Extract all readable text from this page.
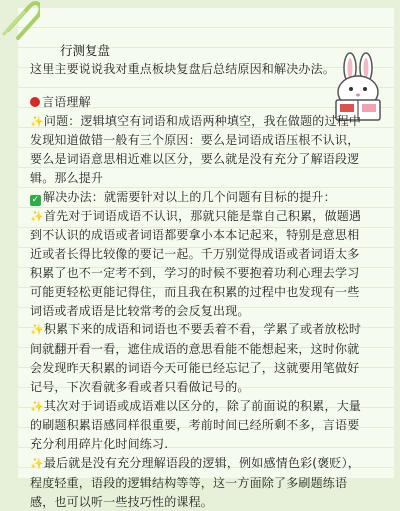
行测复盘
这里主要说说我对重点板块复盘后总结原因和解决办法。
言语理解
✨问题：逻辑填空有词语和成语两种填空，我在做题的过程中
发现知道做错一般有三个原因：要么是词语成语压根不认识，
要么是词语意思相近难以区分，要么就是没有充分了解语段逻
辑。那么提升
✓ 解决办法：就需要针对以上的几个问题有目标的提升：
✨首先对于词语成语不认识，那就只能是靠自己积累，做题遇
到不认识的成语或者词语都要拿小本本记起来，特别是意思相
近或者长得比较像的要记一起。千万别觉得成语或者词语太多
积累了也不一定考不到，学习的时候不要抱着功利心理去学习
可能更轻松更能记得住，而且我在积累的过程中也发现有一些
词语或者成语是比较常考的会反复出现。
✨积累下来的成语和词语也不要丢着不看，学累了或者放松时
间就翻开看一看，遮住成语的意思看能不能想起来，这时你就
会发现昨天积累的词语今天可能已经忘记了，这就要用笔做好
记号，下次看就多看或者只看做记号的。
✨其次对于词语或成语难以区分的，除了前面说的积累，大量
的刷题积累语感同样很重要，考前时间已经所剩不多，言语要
充分利用碎片化时间练习.
✨最后就是没有充分理解语段的逻辑，例如感情色彩(褒贬），
程度轻重，语段的逻辑结构等等，这一方面除了多刷题练语
感，也可以听一些技巧性的课程。
